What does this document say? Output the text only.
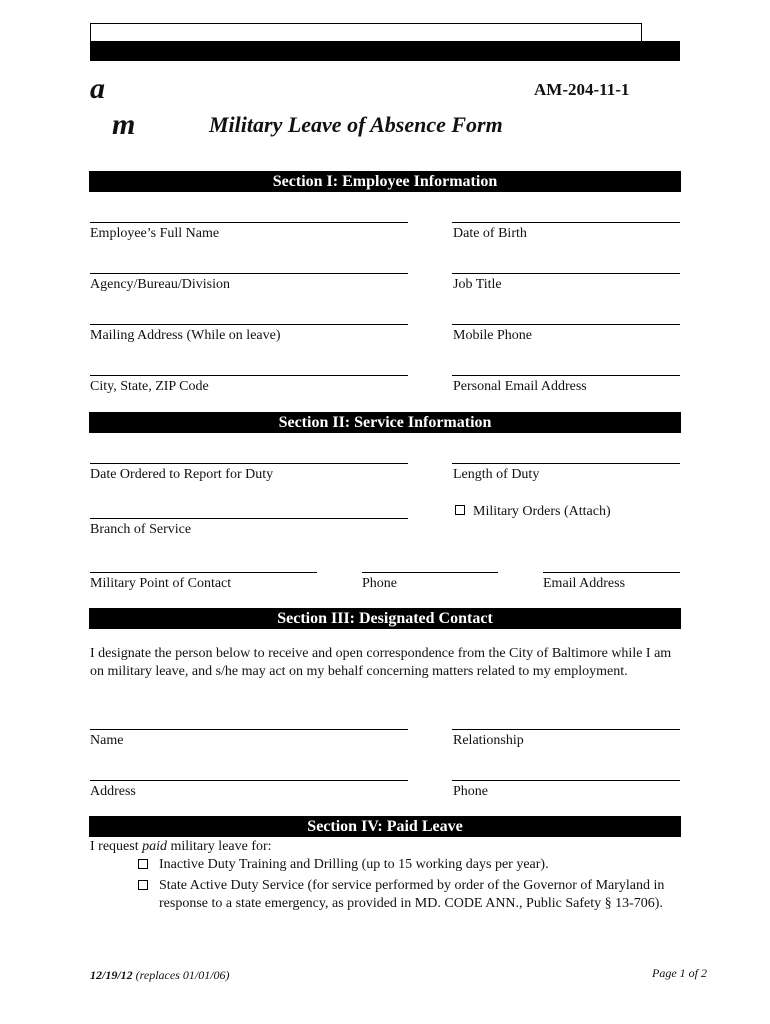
a
m
AM-204-11-1
Military Leave of Absence Form
Section I: Employee Information
Employee’s Full Name	Date of Birth
Agency/Bureau/Division	Job Title
Mailing Address (While on leave)	Mobile Phone
City, State, ZIP Code	Personal Email Address
Section II: Service Information
Date Ordered to Report for Duty	Length of Duty
Military Orders (Attach)
Branch of Service
Military Point of Contact	Phone	Email Address
Section III: Designated Contact
I designate the person below to receive and open correspondence from the City of Baltimore while I am on military leave, and s/he may act on my behalf concerning matters related to my employment.
Name	Relationship
Address	Phone
Section IV: Paid Leave
I request paid military leave for:
Inactive Duty Training and Drilling (up to 15 working days per year).
State Active Duty Service (for service performed by order of the Governor of Maryland in response to a state emergency, as provided in MD. CODE ANN., Public Safety § 13-706).
12/19/12 (replaces 01/01/06)	Page 1 of 2
